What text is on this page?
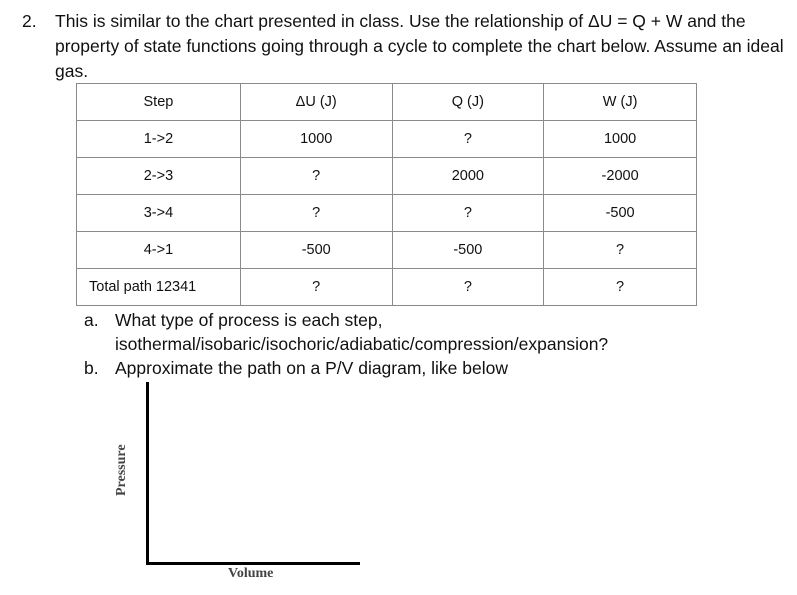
2. This is similar to the chart presented in class. Use the relationship of ΔU = Q + W and the property of state functions going through a cycle to complete the chart below. Assume an ideal gas.
Step	ΔU (J)	Q (J)	W (J)
1->2	1000	?	1000
2->3	?	2000	-2000
3->4	?	?	-500
4->1	-500	-500	?
Total path 12341	?	?	?
a. What type of process is each step, isothermal/isobaric/isochoric/adiabatic/compression/expansion?
b. Approximate the path on a P/V diagram, like below
Pressure
Volume
